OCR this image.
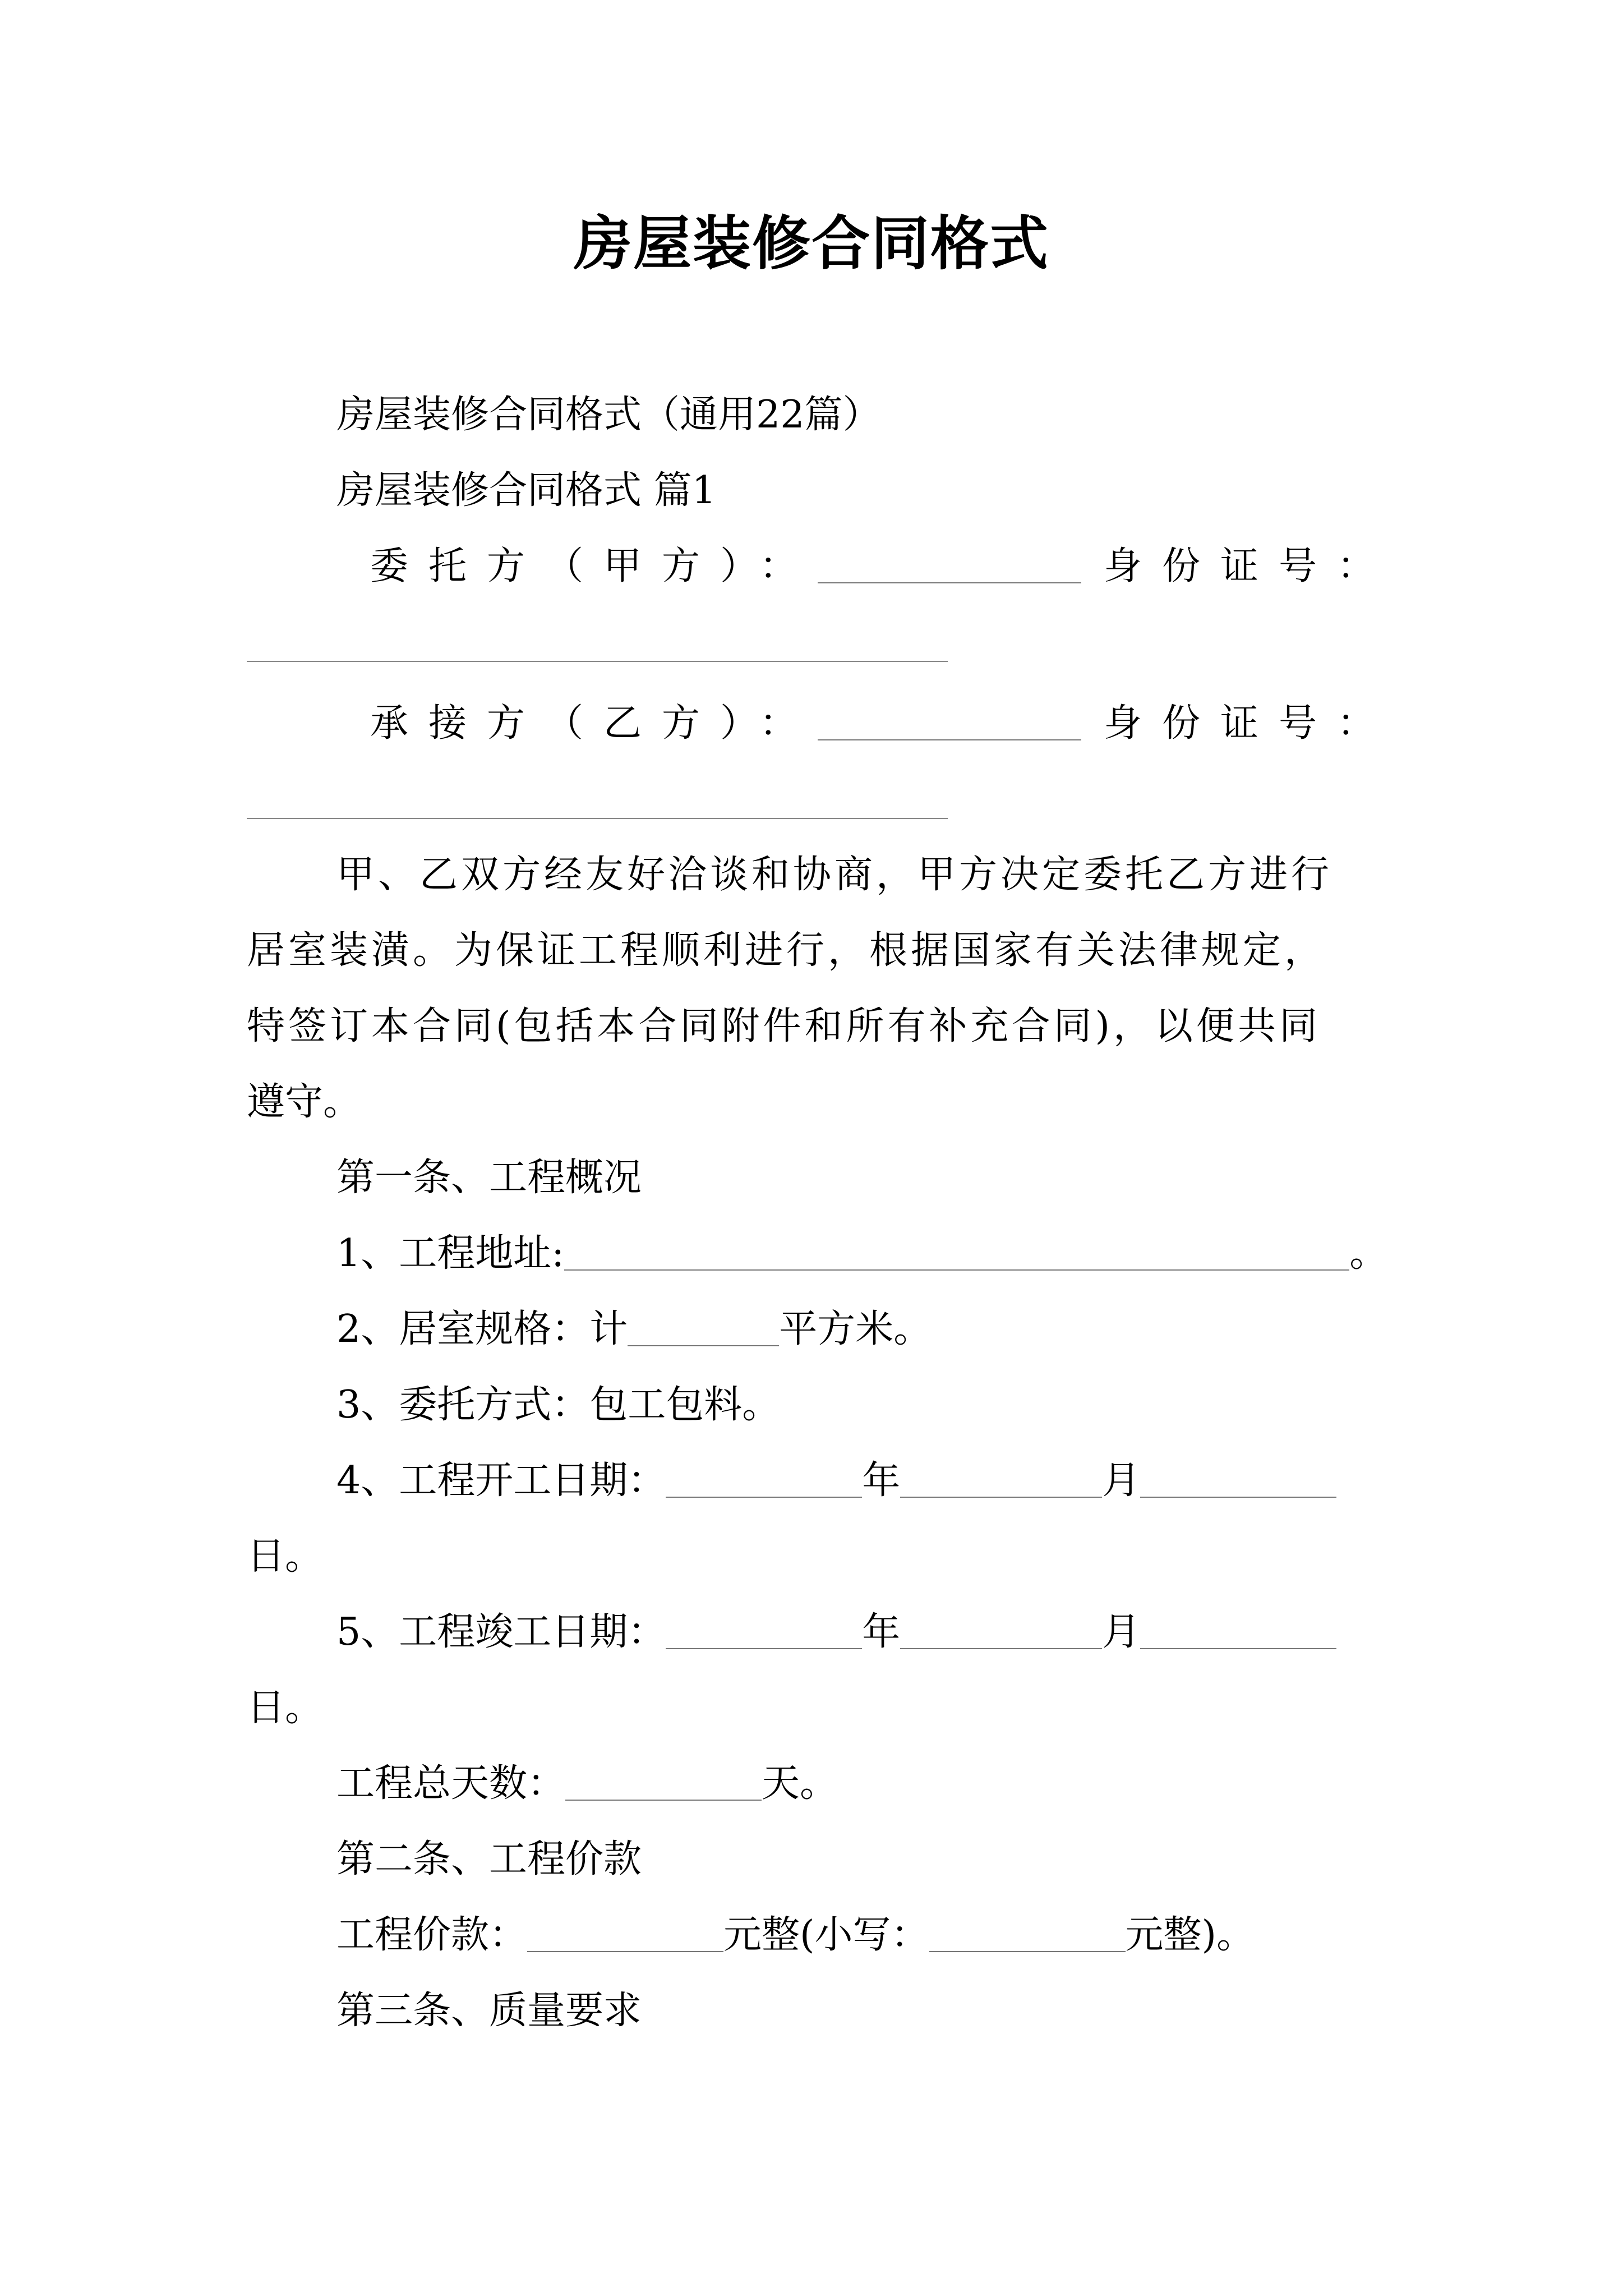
房屋装修合同格式
房屋装修合同格式（通用22篇）
房屋装修合同格式 篇1
委托方（甲方）：	身份证号：
承接方（乙方）：	身份证号：
甲、乙双方经友好洽谈和协商，甲方决定委托乙方进行
居室装潢。为保证工程顺利进行，根据国家有关法律规定，
特签订本合同(包括本合同附件和所有补充合同)，以便共同
遵守。
第一条、工程概况
1、工程地址:	。
2、居室规格：计	平方米。
3、委托方式：包工包料。
4、工程开工日期：	年	月
日。
5、工程竣工日期：	年	月
日。
工程总天数：	天。
第二条、工程价款
工程价款：	元整(小写：	元整)。
第三条、质量要求
